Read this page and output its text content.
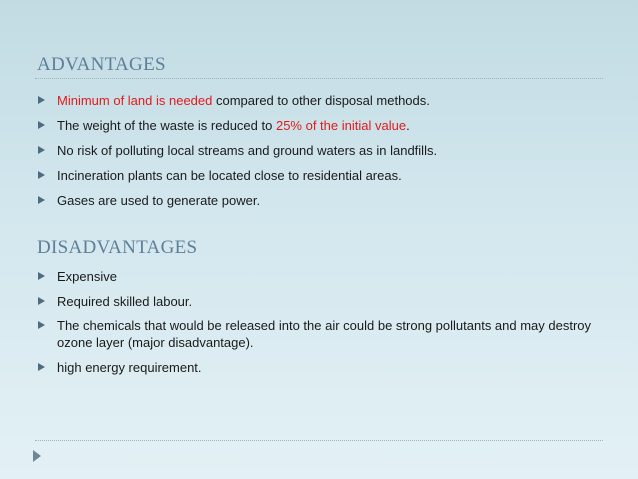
ADVANTAGES
Minimum of land is needed compared to other disposal methods.
The weight of the waste is reduced to 25% of the initial value.
No risk of polluting local streams and ground waters as in landfills.
Incineration plants can be located close to residential areas.
Gases are used to generate power.
DISADVANTAGES
Expensive
Required skilled labour.
The chemicals that would be released into the air could be strong pollutants and may destroy ozone layer (major disadvantage).
high energy requirement.
